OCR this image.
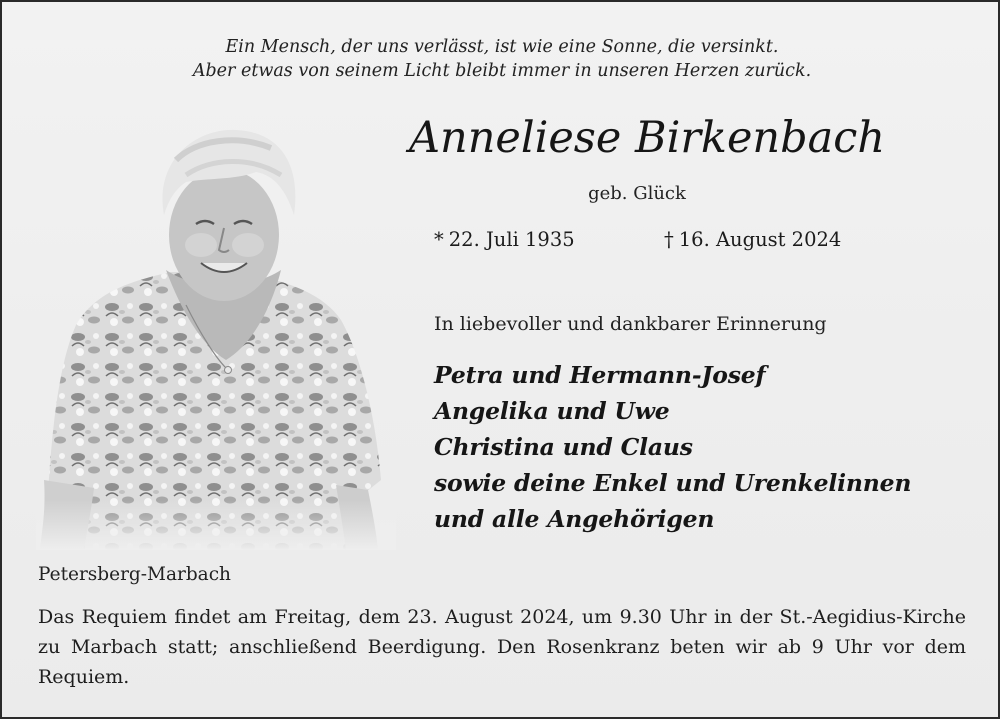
Ein Mensch, der uns verlässt, ist wie eine Sonne, die versinkt.
Aber etwas von seinem Licht bleibt immer in unseren Herzen zurück.
Anneliese Birkenbach
geb. Glück
* 22. Juli 1935	† 16. August 2024
In liebevoller und dankbarer Erinnerung
Petra und Hermann-Josef
Angelika und Uwe
Christina und Claus
sowie deine Enkel und Urenkelinnen
und alle Angehörigen
Petersberg-Marbach
Das Requiem findet am Freitag, dem 23. August 2024, um 9.30 Uhr in der St.-Aegidius-Kirche zu Marbach statt; anschließend Beerdigung. Den Rosenkranz beten wir ab 9 Uhr vor dem Requiem.
